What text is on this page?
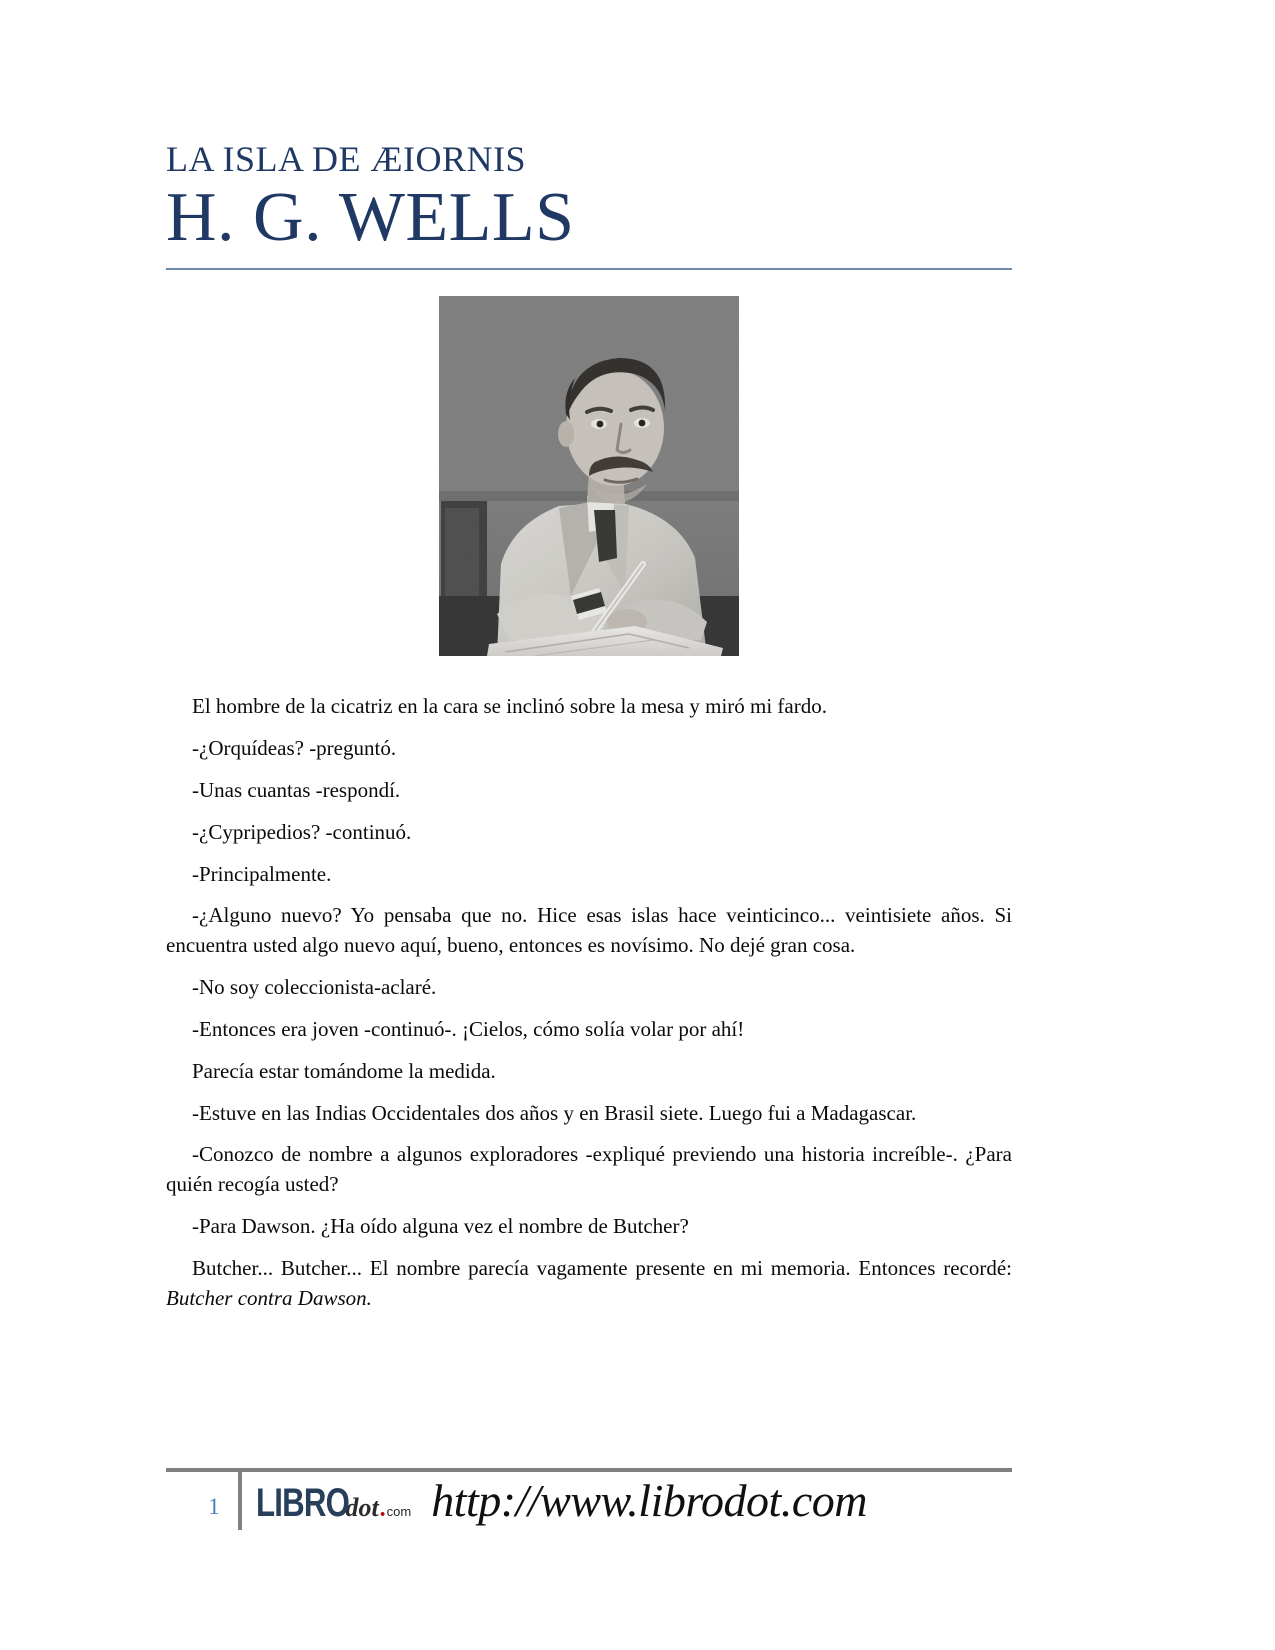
LA ISLA DE ÆIORNIS
H. G. WELLS

El hombre de la cicatriz en la cara se inclinó sobre la mesa y miró mi fardo.

-¿Orquídeas? -preguntó.

-Unas cuantas -respondí.

-¿Cypripedios? -continuó.

-Principalmente.

-¿Alguno nuevo? Yo pensaba que no. Hice esas islas hace veinticinco... veintisiete años. Si encuentra usted algo nuevo aquí, bueno, entonces es novísimo. No dejé gran cosa.

-No soy coleccionista-aclaré.

-Entonces era joven -continuó-. ¡Cielos, cómo solía volar por ahí!

Parecía estar tomándome la medida.

-Estuve en las Indias Occidentales dos años y en Brasil siete. Luego fui a Madagascar.

-Conozco de nombre a algunos exploradores -expliqué previendo una historia increíble-. ¿Para quién recogía usted?

-Para Dawson. ¿Ha oído alguna vez el nombre de Butcher?

Butcher... Butcher... El nombre parecía vagamente presente en mi memoria. Entonces recordé: Butcher contra Dawson.

1 LIBRO
dot . com http://www.librodot.com
